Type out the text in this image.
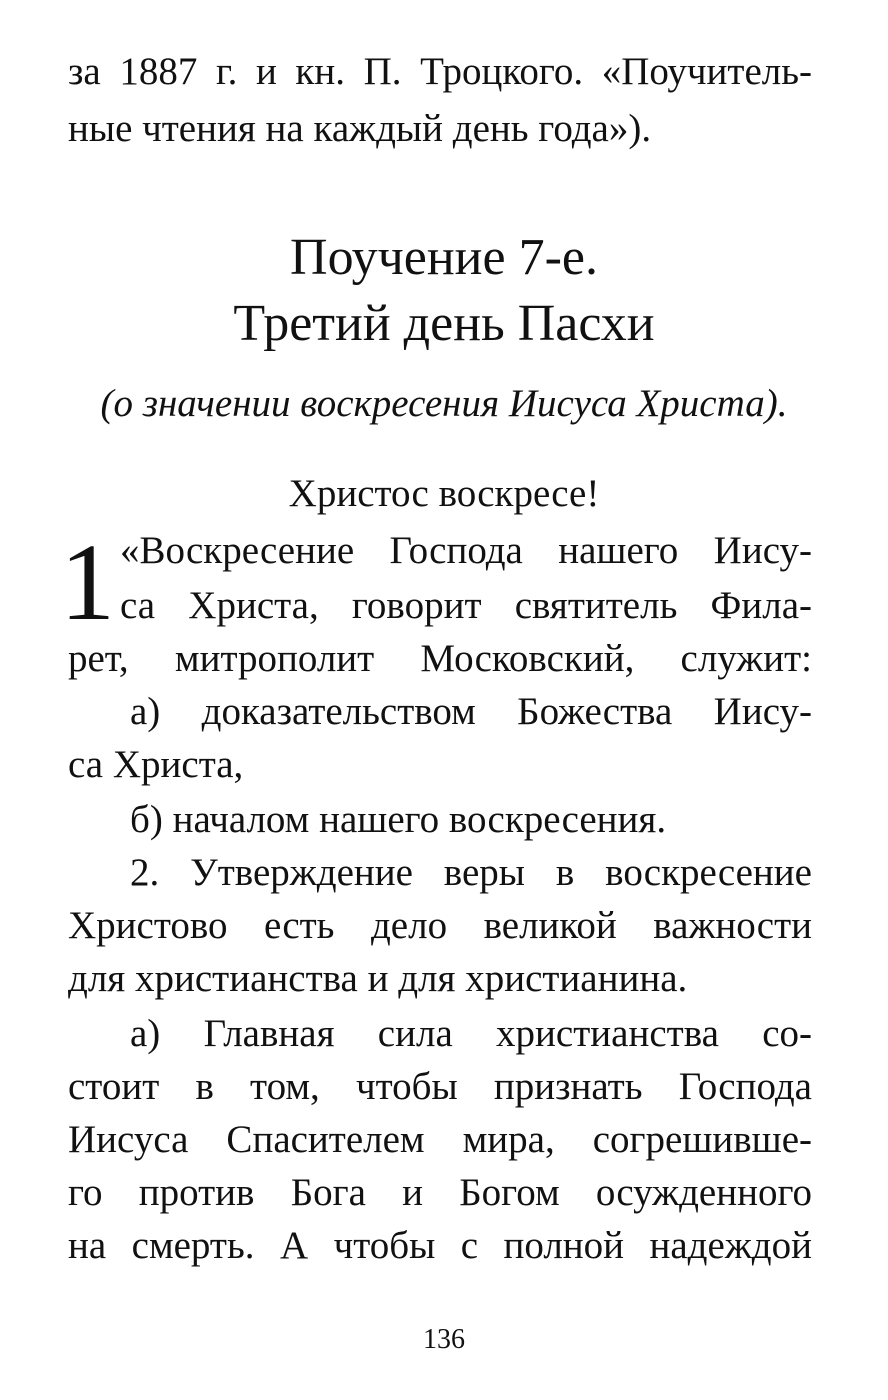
за 1887 г. и кн. П. Троцкого. «Поучитель-
ные чтения на каждый день года»).
Поучение 7-е.
Третий день Пасхи
(о значении воскресения Иисуса Христа).
Христос воскресе!
1 «Воскресение Господа нашего Иису-
са Христа, говорит святитель Фила-
рет, митрополит Московский, служит:
а) доказательством Божества Иису-
са Христа,
б) началом нашего воскресения.
2. Утверждение веры в воскресение
Христово есть дело великой важности
для христианства и для христианина.
а) Главная сила христианства со-
стоит в том, чтобы признать Господа
Иисуса Спасителем мира, согрешивше-
го против Бога и Богом осужденного
на смерть. А чтобы с полной надеждой
136
